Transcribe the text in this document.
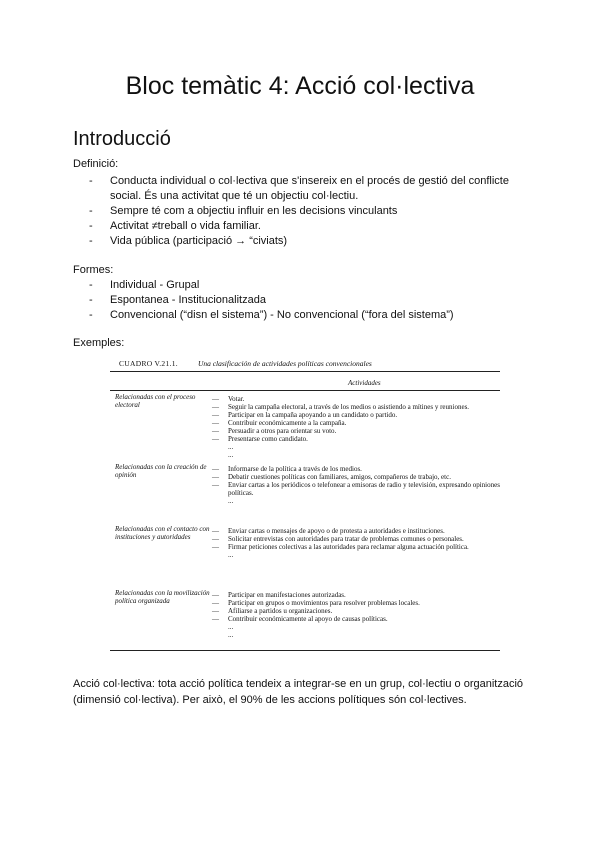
Bloc temàtic 4: Acció col·lectiva
Introducció

Definició:

- Conducta individual o col·lectiva que s'insereix en el procés de gestió del conflicte social. És una activitat que té un objectiu col·lectiu.
- Sempre té com a objectiu influir en les decisions vinculants
- Activitat ≠treball o vida familiar.
- Vida pública (participació → “civiats)

Formes:

- Individual - Grupal
- Espontanea - Institucionalitzada
- Convencional (“disn el sistema”) - No convencional (“fora del sistema”)

Exemples:

CUADRO V.21.1.	Una clasificación de actividades políticas convencionales
Actividades
Relacionadas con el proceso electoral
— Votar.
— Seguir la campaña electoral, a través de los medios o asistiendo a mítines y reuniones.
— Participar en la campaña apoyando a un candidato o partido.
— Contribuir económicamente a la campaña.
— Persuadir a otros para orientar su voto.
— Presentarse como candidato.
...
...
Relacionadas con la creación de opinión
— Informarse de la política a través de los medios.
— Debatir cuestiones políticas con familiares, amigos, compañeros de trabajo, etc.
— Enviar cartas a los periódicos o telefonear a emisoras de radio y televisión, expresando opiniones políticas.
...
Relacionadas con el contacto con instituciones y autoridades
— Enviar cartas o mensajes de apoyo o de protesta a autoridades e instituciones.
— Solicitar entrevistas con autoridades para tratar de problemas comunes o personales.
— Firmar peticiones colectivas a las autoridades para reclamar alguna actuación política.
...
Relacionadas con la movilización política organizada
— Participar en manifestaciones autorizadas.
— Participar en grupos o movimientos para resolver problemas locales.
— Afiliarse a partidos u organizaciones.
— Contribuir económicamente al apoyo de causas políticas.
...
...

Acció col·lectiva: tota acció política tendeix a integrar-se en un grup, col·lectiu o organització (dimensió col·lectiva). Per això, el 90% de les accions polítiques són col·lectives.
